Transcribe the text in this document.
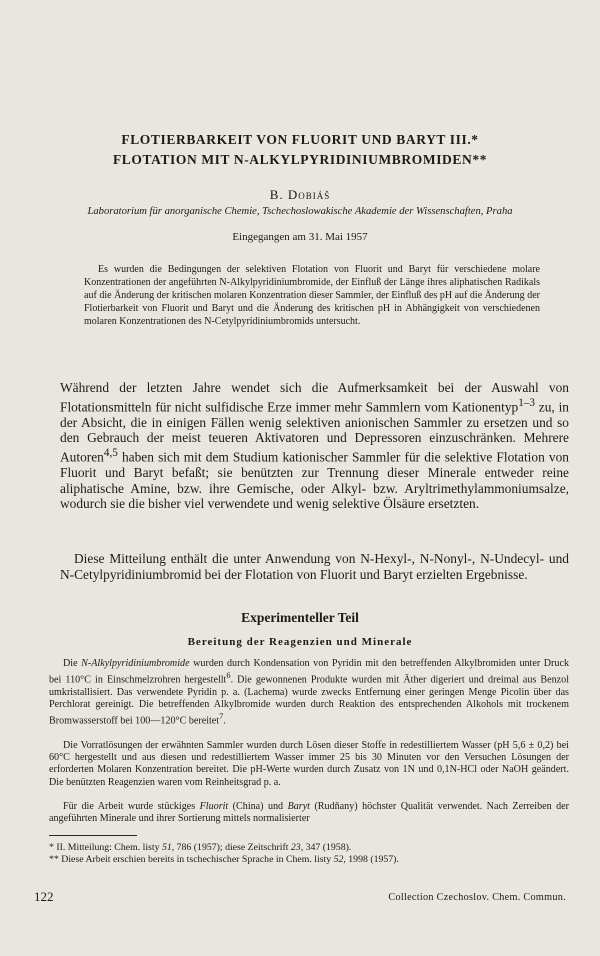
FLOTIERBARKEIT VON FLUORIT UND BARYT III.*
FLOTATION MIT N-ALKYLPYRIDINIUMBROMIDEN**
B. Dobiáš
Laboratorium für anorganische Chemie, Tschechoslowakische Akademie der Wissenschaften, Praha
Eingegangen am 31. Mai 1957

Es wurden die Bedingungen der selektiven Flotation von Fluorit und Baryt für verschiedene molare Konzentrationen der angeführten N-Alkylpyridiniumbromide, der Einfluß der Länge ihres aliphatischen Radikals auf die Änderung der kritischen molaren Konzentration dieser Sammler, der Einfluß des pH auf die Änderung der Flotierbarkeit von Fluorit und Baryt und die Änderung des kritischen pH in Abhängigkeit von verschiedenen molaren Konzentrationen des N-Cetylpyridiniumbromids untersucht.

Während der letzten Jahre wendet sich die Aufmerksamkeit bei der Auswahl von Flotationsmitteln für nicht sulfidische Erze immer mehr Sammlern vom Kationentyp$^{1-3}$ zu, in der Absicht, die in einigen Fällen wenig selektiven anionischen Sammler zu ersetzen und so den Gebrauch der meist teueren Aktivatoren und Depressoren einzuschränken. Mehrere Autoren$^{4,5}$ haben sich mit dem Studium kationischer Sammler für die selektive Flotation von Fluorit und Baryt befaßt; sie benützten zur Trennung dieser Minerale entweder reine aliphatische Amine, bzw. ihre Gemische, oder Alkyl- bzw. Aryltrimethylammoniumsalze, wodurch sie die bisher viel verwendete und wenig selektive Ölsäure ersetzten.

Diese Mitteilung enthält die unter Anwendung von N-Hexyl-, N-Nonyl-, N-Undecyl- und N-Cetylpyridiniumbromid bei der Flotation von Fluorit und Baryt erzielten Ergebnisse.

Experimenteller Teil
Bereitung der Reagenzien und Minerale

Die N-Alkylpyridiniumbromide wurden durch Kondensation von Pyridin mit den betreffenden Alkylbromiden unter Druck bei 110°C in Einschmelzrohren hergestellt$^6$. Die gewonnenen Produkte wurden mit Äther digeriert und dreimal aus Benzol umkristallisiert. Das verwendete Pyridin p. a. (Lachema) wurde zwecks Entfernung einer geringen Menge Picolin über das Perchlorat gereinigt. Die betreffenden Alkylbromide wurden durch Reaktion des entsprechenden Alkohols mit trockenem Bromwasserstoff bei 100—120°C bereitet$^7$.

Die Vorratlösungen der erwähnten Sammler wurden durch Lösen dieser Stoffe in redestilliertem Wasser (pH 5,6 ± 0,2) bei 60°C hergestellt und aus diesen und redestilliertem Wasser immer 25 bis 30 Minuten vor den Versuchen Lösungen der erforderten Molaren Konzentration bereitet. Die pH-Werte wurden durch Zusatz von 1N und 0,1N-HCl oder NaOH geändert. Die benützten Reagenzien waren vom Reinheitsgrad p. a.

Für die Arbeit wurde stückiges Fluorit (China) und Baryt (Rudňany) höchster Qualität verwendet. Nach Zerreiben der angeführten Minerale und ihrer Sortierung mittels normalisierter

* II. Mitteilung: Chem. listy 51, 786 (1957); diese Zeitschrift 23, 347 (1958).

** Diese Arbeit erschien bereits in tschechischer Sprache in Chem. listy 52, 1998 (1957).

122	Collection Czechoslov. Chem. Commun.
